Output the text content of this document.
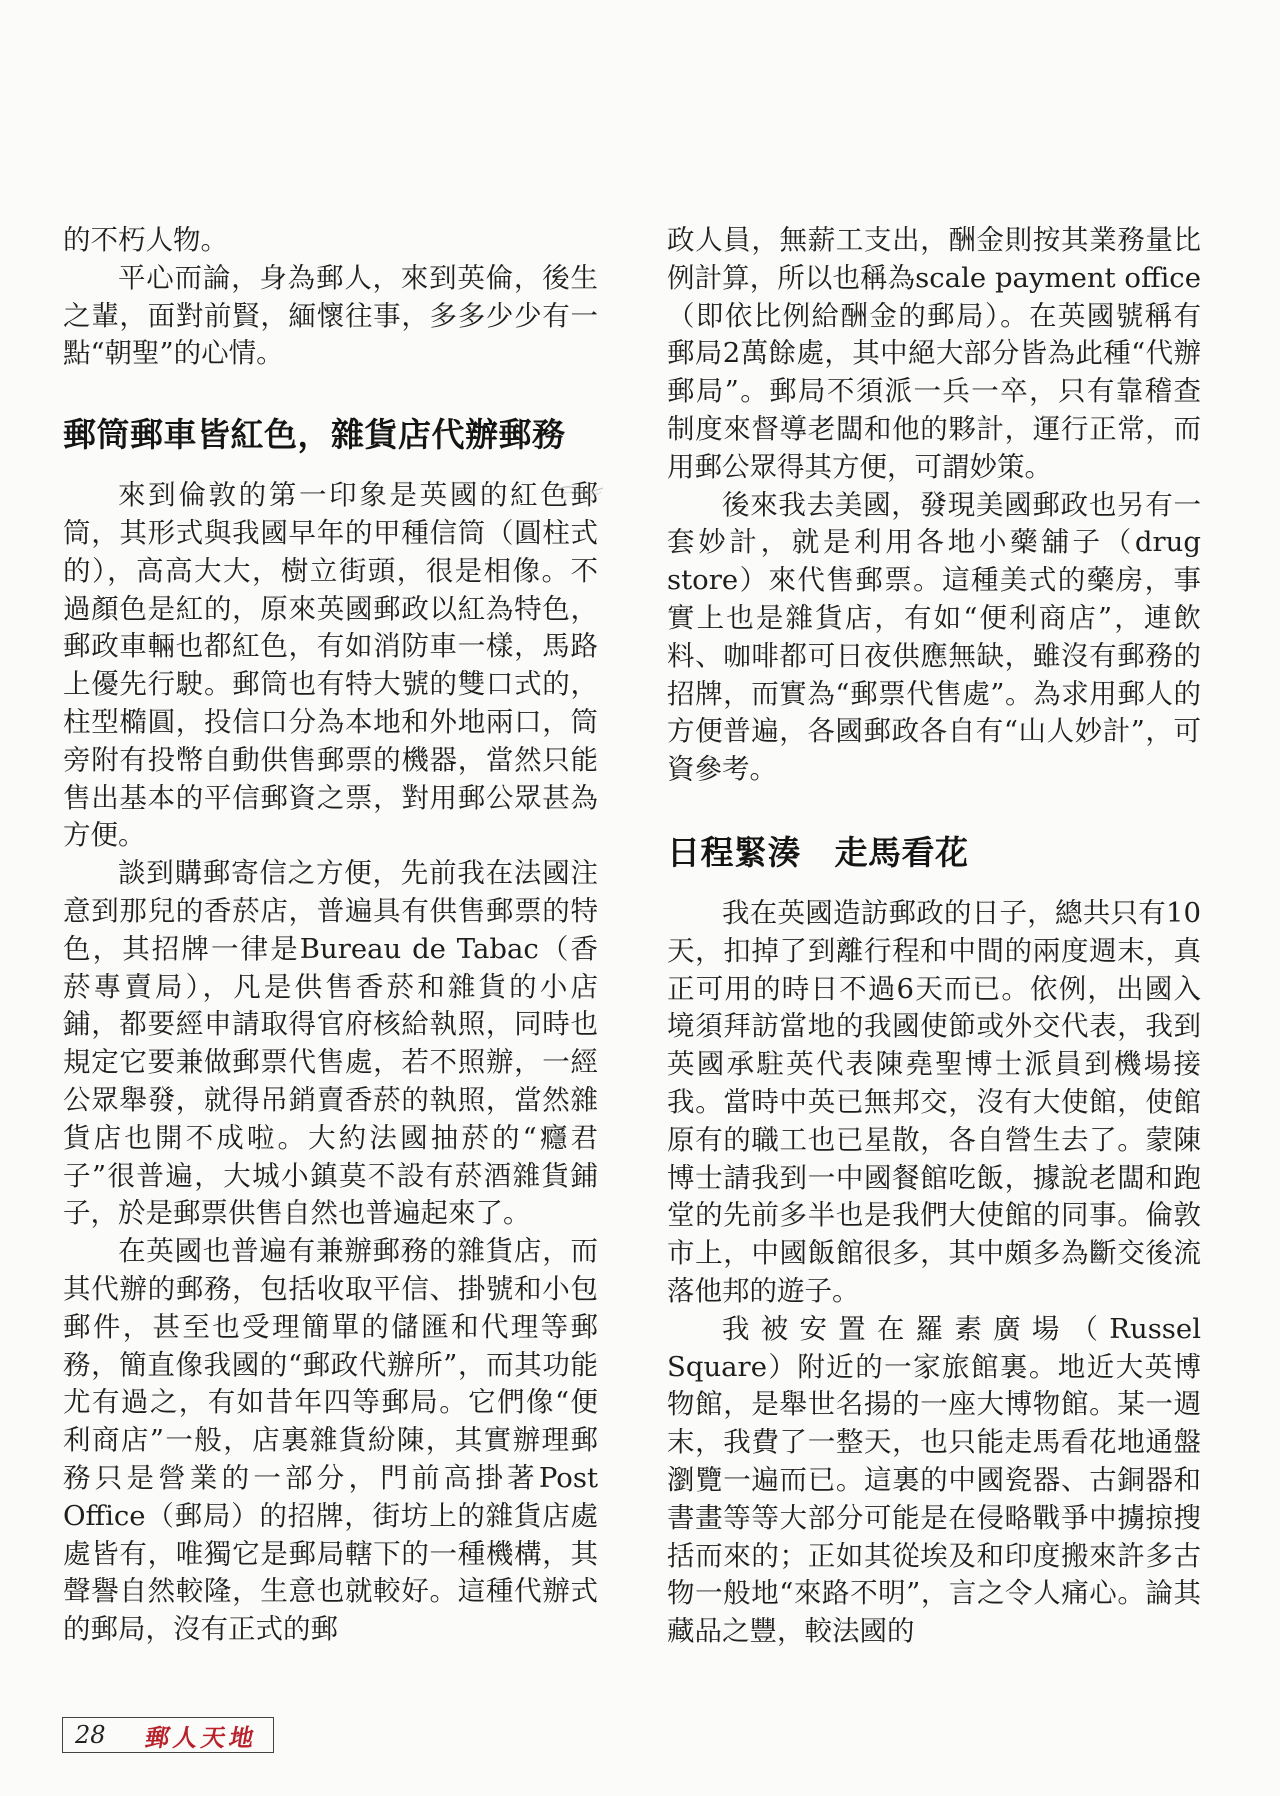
的不朽人物。

平心而論，身為郵人，來到英倫，後生之輩，面對前賢，緬懷往事，多多少少有一點“朝聖”的心情。

郵筒郵車皆紅色，雜貨店代辦郵務

來到倫敦的第一印象是英國的紅色郵筒，其形式與我國早年的甲種信筒（圓柱式的），高高大大，樹立街頭，很是相像。不過顏色是紅的，原來英國郵政以紅為特色，郵政車輛也都紅色，有如消防車一樣，馬路上優先行駛。郵筒也有特大號的雙口式的，柱型橢圓，投信口分為本地和外地兩口，筒旁附有投幣自動供售郵票的機器，當然只能售出基本的平信郵資之票，對用郵公眾甚為方便。

談到購郵寄信之方便，先前我在法國注意到那兒的香菸店，普遍具有供售郵票的特色，其招牌一律是Bureau de Tabac（香菸專賣局），凡是供售香菸和雜貨的小店鋪，都要經申請取得官府核給執照，同時也規定它要兼做郵票代售處，若不照辦，一經公眾舉發，就得吊銷賣香菸的執照，當然雜貨店也開不成啦。大約法國抽菸的“癮君子”很普遍，大城小鎮莫不設有菸酒雜貨鋪子，於是郵票供售自然也普遍起來了。

在英國也普遍有兼辦郵務的雜貨店，而其代辦的郵務，包括收取平信、掛號和小包郵件，甚至也受理簡單的儲匯和代理等郵務，簡直像我國的“郵政代辦所”，而其功能尤有過之，有如昔年四等郵局。它們像“便利商店”一般，店裏雜貨紛陳，其實辦理郵務只是營業的一部分，門前高掛著Post Office（郵局）的招牌，街坊上的雜貨店處處皆有，唯獨它是郵局轄下的一種機構，其聲譽自然較隆，生意也就較好。這種代辦式的郵局，沒有正式的郵

政人員，無薪工支出，酬金則按其業務量比例計算，所以也稱為scale payment office（即依比例給酬金的郵局）。在英國號稱有郵局2萬餘處，其中絕大部分皆為此種“代辦郵局”。郵局不須派一兵一卒，只有靠稽查制度來督導老闆和他的夥計，運行正常，而用郵公眾得其方便，可謂妙策。

後來我去美國，發現美國郵政也另有一套妙計，就是利用各地小藥舖子（drug store）來代售郵票。這種美式的藥房，事實上也是雜貨店，有如“便利商店”，連飲料、咖啡都可日夜供應無缺，雖沒有郵務的招牌，而實為“郵票代售處”。為求用郵人的方便普遍，各國郵政各自有“山人妙計”，可資參考。

日程緊湊　走馬看花

我在英國造訪郵政的日子，總共只有10天，扣掉了到離行程和中間的兩度週末，真正可用的時日不過6天而已。依例，出國入境須拜訪當地的我國使節或外交代表，我到英國承駐英代表陳堯聖博士派員到機場接我。當時中英已無邦交，沒有大使館，使館原有的職工也已星散，各自營生去了。蒙陳博士請我到一中國餐館吃飯，據說老闆和跑堂的先前多半也是我們大使館的同事。倫敦市上，中國飯館很多，其中頗多為斷交後流落他邦的遊子。

我被安置在羅素廣場（Russel Square）附近的一家旅館裏。地近大英博物館，是舉世名揚的一座大博物館。某一週末，我費了一整天，也只能走馬看花地通盤瀏覽一遍而已。這裏的中國瓷器、古銅器和書畫等等大部分可能是在侵略戰爭中擄掠搜括而來的；正如其從埃及和印度搬來許多古物一般地“來路不明”，言之令人痛心。論其藏品之豐，較法國的

28 郵人天地
